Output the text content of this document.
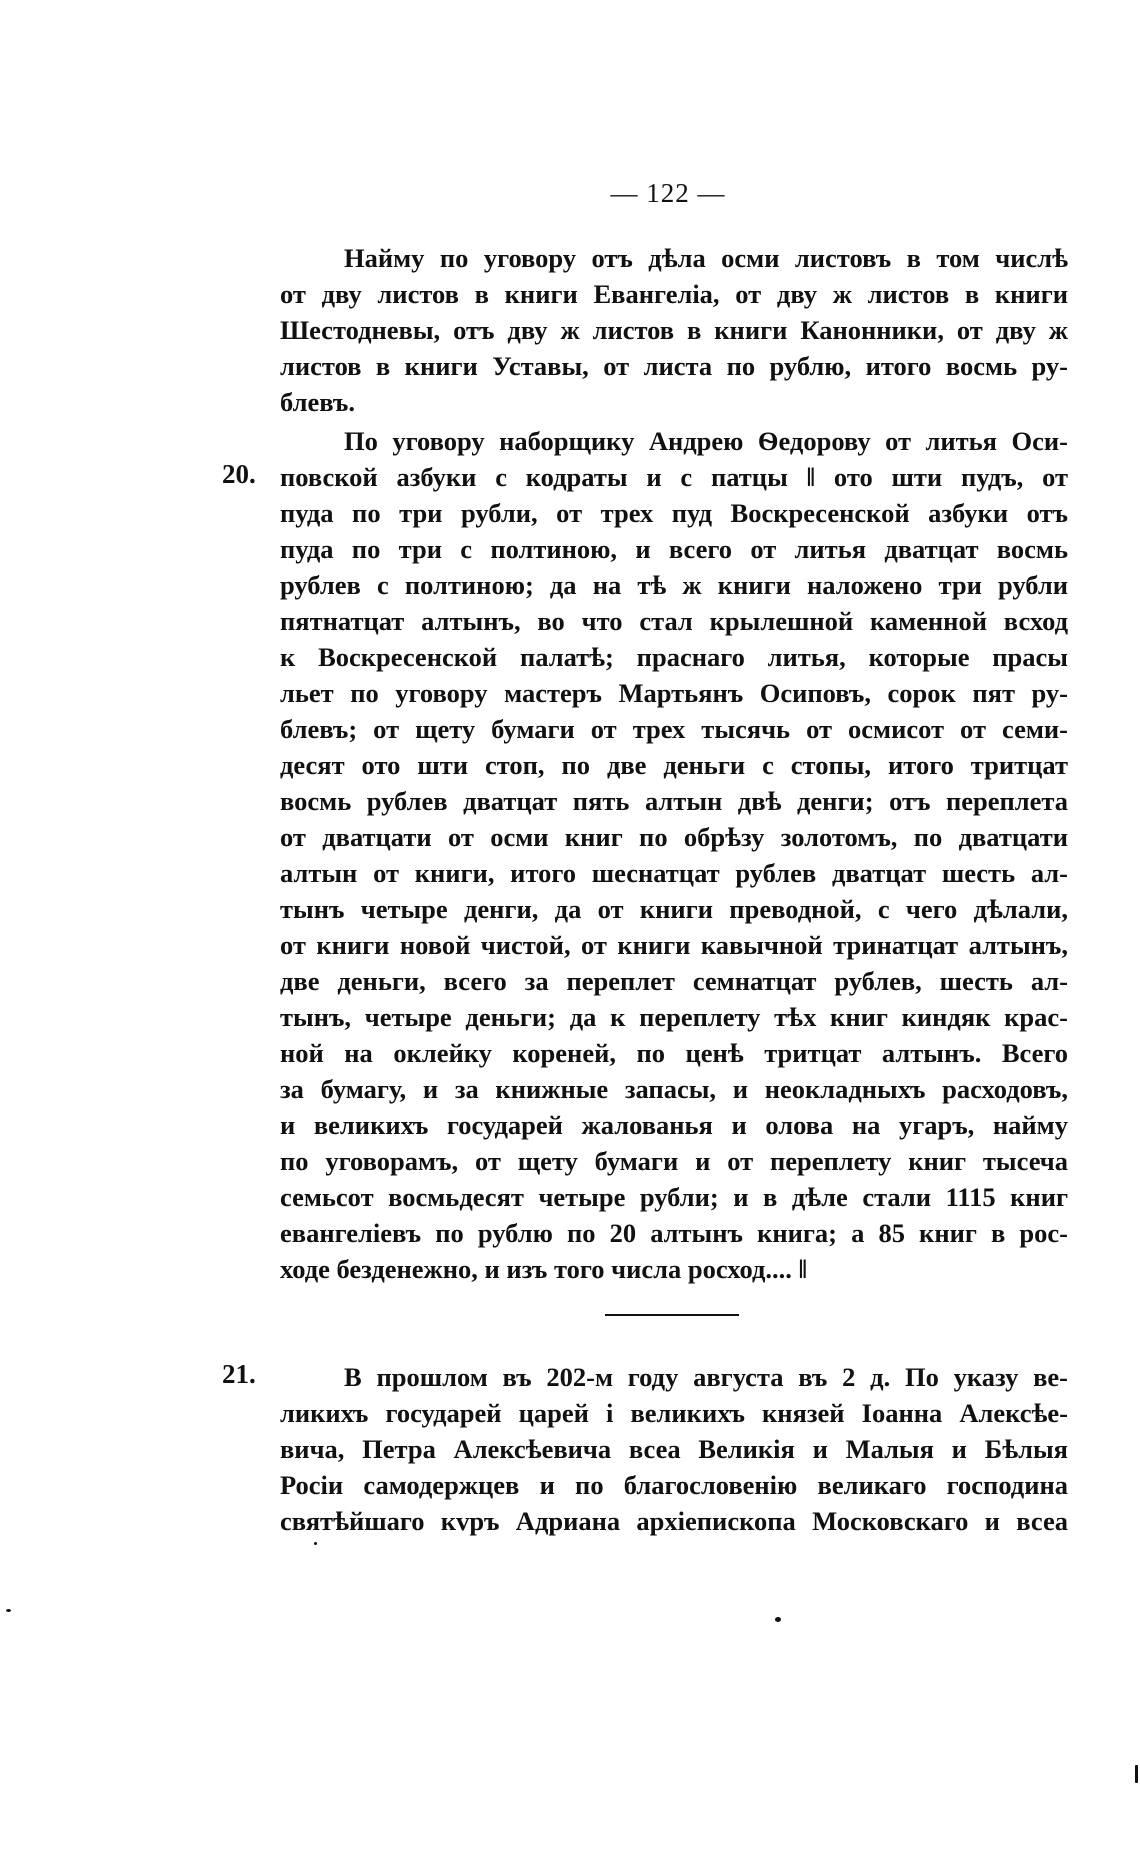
— 122 —
Найму по уговору отъ дѣла осми листовъ в том числѣ
от дву листов в книги Евангеліа, от дву ж листов в книги
Шестодневы, отъ дву ж листов в книги Канонники, от дву ж
листов в книги Уставы, от листа по рублю, итого восмь ру-
блевъ.
20.
По уговору наборщику Андрею Ѳедорову от литья Оси-
повской азбуки с кодраты и с патцы ‖ ото шти пудъ, от
пуда по три рубли, от трех пуд Воскресенской азбуки отъ
пуда по три с полтиною, и всего от литья дватцат восмь
рублев с полтиною; да на тѣ ж книги наложено три рубли
пятнатцат алтынъ, во что стал крылешной каменной всход
к Воскресенской палатѣ; праснаго литья, которые прасы
льет по уговору мастеръ Мартьянъ Осиповъ, сорок пят ру-
блевъ; от щету бумаги от трех тысячь от осмисот от семи-
десят ото шти стоп, по две деньги с стопы, итого тритцат
восмь рублев дватцат пять алтын двѣ денги; отъ переплета
от дватцати от осми книг по обрѣзу золотомъ, по дватцати
алтын от книги, итого шеснатцат рублев дватцат шесть ал-
тынъ четыре денги, да от книги преводной, с чего дѣлали,
от книги новой чистой, от книги кавычной тринатцат алтынъ,
две деньги, всего за переплет семнатцат рублев, шесть ал-
тынъ, четыре деньги; да к переплету тѣх книг киндяк крас-
ной на оклейку кореней, по ценѣ тритцат алтынъ. Всего
за бумагу, и за книжные запасы, и неокладныхъ расходовъ,
и великихъ государей жалованья и олова на угаръ, найму
по уговорамъ, от щету бумаги и от переплету книг тысеча
семьсот восмьдесят четыре рубли; и в дѣле стали 1115 книг
евангеліевъ по рублю по 20 алтынъ книга; а 85 книг в рос-
ходе безденежно, и изъ того числа росход.... ‖
21.	В прошлом въ 202-м году августа въ 2 д. По указу ве-
ликихъ государей царей і великихъ князей Іоанна Алексѣе-
вича, Петра Алексѣевича всеа Великія и Малыя и Бѣлыя
Росіи самодержцев и по благословенію великаго господина
святѣйшаго кvръ Адриана архіепископа Московскаго и всеа
